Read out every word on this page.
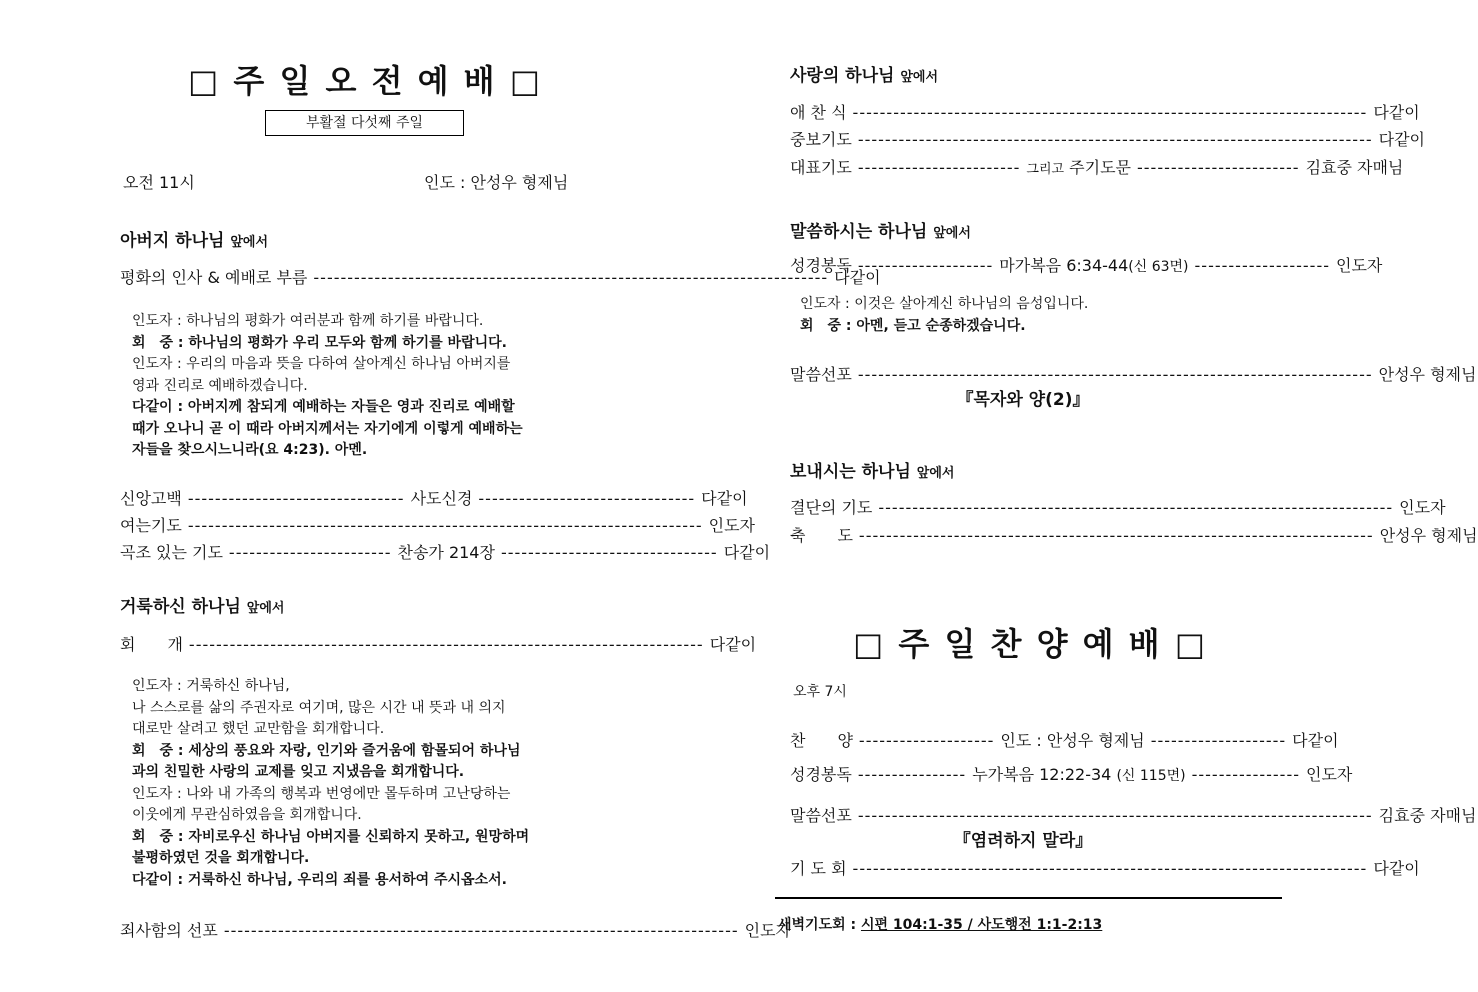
□ 주 일 오 전 예 배 □
부활절 다섯째 주일
오전 11시	인도 : 안성우 형제님
아버지 하나님 앞에서
평화의 인사 & 예배로 부름 ---------------------------------------------------------------------------- 다같이
인도자 : 하나님의 평화가 여러분과 함께 하기를 바랍니다.
회　중 : 하나님의 평화가 우리 모두와 함께 하기를 바랍니다.
인도자 : 우리의 마음과 뜻을 다하여 살아계신 하나님 아버지를
영과 진리로 예배하겠습니다.
다같이 : 아버지께 참되게 예배하는 자들은 영과 진리로 예배할
때가 오나니 곧 이 때라 아버지께서는 자기에게 이렇게 예배하는
자들을 찾으시느니라(요 4:23). 아멘.
신앙고백 -------------------------------- 사도신경 -------------------------------- 다같이
여는기도 ---------------------------------------------------------------------------- 인도자
곡조 있는 기도 ------------------------ 찬송가 214장 -------------------------------- 다같이
거룩하신 하나님 앞에서
회　　개 ---------------------------------------------------------------------------- 다같이
인도자 : 거룩하신 하나님,
나 스스로를 삶의 주권자로 여기며, 많은 시간 내 뜻과 내 의지
대로만 살려고 했던 교만함을 회개합니다.
회　중 : 세상의 풍요와 자랑, 인기와 즐거움에 함몰되어 하나님
과의 친밀한 사랑의 교제를 잊고 지냈음을 회개합니다.
인도자 : 나와 내 가족의 행복과 번영에만 몰두하며 고난당하는
이웃에게 무관심하였음을 회개합니다.
회　중 : 자비로우신 하나님 아버지를 신뢰하지 못하고, 원망하며
불평하였던 것을 회개합니다.
다같이 : 거룩하신 하나님, 우리의 죄를 용서하여 주시옵소서.
죄사함의 선포 ---------------------------------------------------------------------------- 인도자
사랑의 하나님 앞에서
애 찬 식 ---------------------------------------------------------------------------- 다같이
중보기도 ---------------------------------------------------------------------------- 다같이
대표기도 ------------------------ 그리고
주기도문 ------------------------ 김효중 자매님
말씀하시는 하나님 앞에서
성경봉독 -------------------- 마가복음 6:34-44 (신 63면) -------------------- 인도자
인도자 : 이것은 살아계신 하나님의 음성입니다.
회　중 : 아멘, 듣고 순종하겠습니다.
말씀선포 ---------------------------------------------------------------------------- 안성우 형제님
『목자와 양(2)』
보내시는 하나님 앞에서
결단의 기도 ---------------------------------------------------------------------------- 인도자
축　　도 ---------------------------------------------------------------------------- 안성우 형제님
□ 주 일 찬 양 예 배 □
오후 7시
찬　　양 -------------------- 인도 : 안성우 형제님 -------------------- 다같이
성경봉독 ---------------- 누가복음 12:22-34
(신 115면) ---------------- 인도자
말씀선포 ---------------------------------------------------------------------------- 김효중 자매님
『염려하지 말라』
기 도 회 ---------------------------------------------------------------------------- 다같이
새벽기도회 : 시편 104:1-35 / 사도행전 1:1-2:13
